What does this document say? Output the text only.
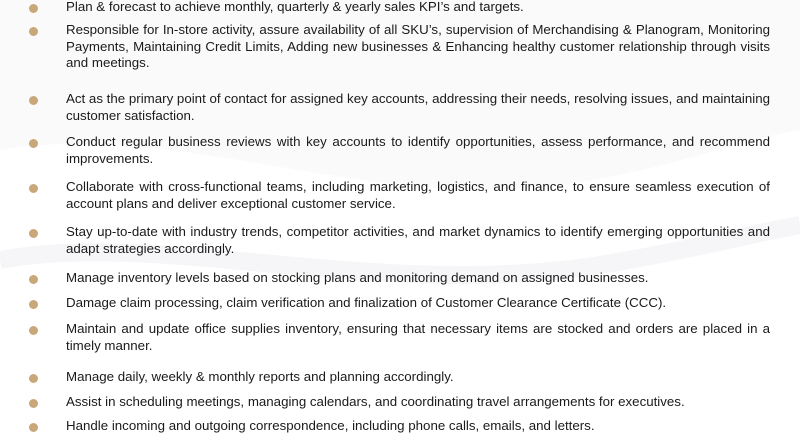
Plan & forecast to achieve monthly, quarterly & yearly sales KPI’s and targets.

Responsible for In-store activity, assure availability of all SKU’s, supervision of Merchandising & Planogram, Monitoring Payments, Maintaining Credit Limits, Adding new businesses & Enhancing healthy customer relationship through visits and meetings.

Act as the primary point of contact for assigned key accounts, addressing their needs, resolving issues, and maintaining customer satisfaction.

Conduct regular business reviews with key accounts to identify opportunities, assess performance, and recommend improvements.

Collaborate with cross-functional teams, including marketing, logistics, and finance, to ensure seamless execution of account plans and deliver exceptional customer service.

Stay up-to-date with industry trends, competitor activities, and market dynamics to identify emerging opportunities and adapt strategies accordingly.

Manage inventory levels based on stocking plans and monitoring demand on assigned businesses.

Damage claim processing, claim verification and finalization of Customer Clearance Certificate (CCC).

Maintain and update office supplies inventory, ensuring that necessary items are stocked and orders are placed in a timely manner.

Manage daily, weekly & monthly reports and planning accordingly.

Assist in scheduling meetings, managing calendars, and coordinating travel arrangements for executives.

Handle incoming and outgoing correspondence, including phone calls, emails, and letters.
